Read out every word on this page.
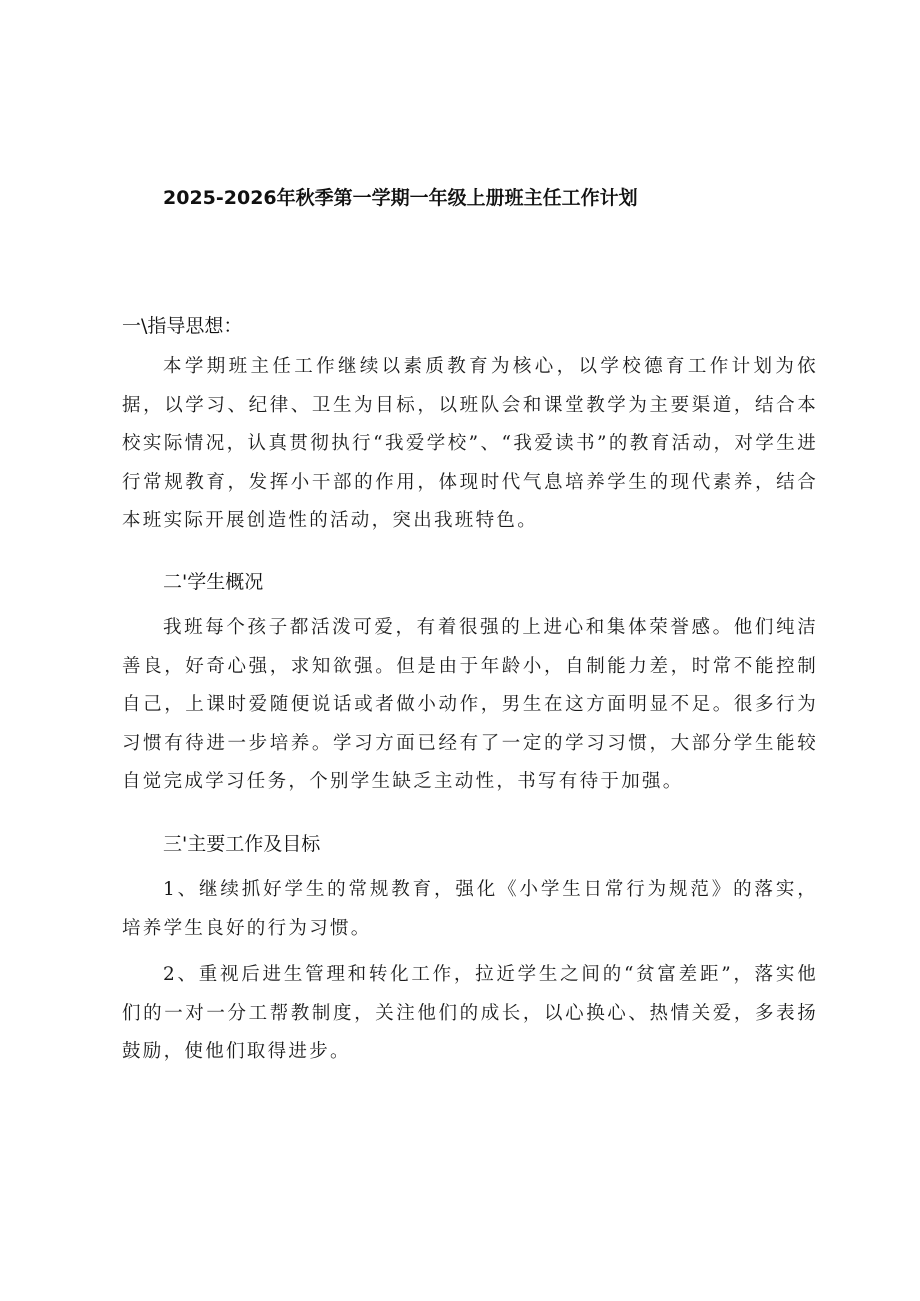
2025-2026年秋季第一学期一年级上册班主任工作计划
一\指导思想：
本学期班主任工作继续以素质教育为核心，以学校德育工作计划为依据，以学习、纪律、卫生为目标，以班队会和课堂教学为主要渠道，结合本校实际情况，认真贯彻执行“我爱学校”、“我爱读书”的教育活动，对学生进行常规教育，发挥小干部的作用，体现时代气息培养学生的现代素养，结合本班实际开展创造性的活动，突出我班特色。
二'学生概况
我班每个孩子都活泼可爱，有着很强的上进心和集体荣誉感。他们纯洁善良，好奇心强，求知欲强。但是由于年龄小，自制能力差，时常不能控制自己，上课时爱随便说话或者做小动作，男生在这方面明显不足。很多行为习惯有待进一步培养。学习方面已经有了一定的学习习惯，大部分学生能较自觉完成学习任务，个别学生缺乏主动性，书写有待于加强。
三'主要工作及目标
1、继续抓好学生的常规教育，强化《小学生日常行为规范》的落实，培养学生良好的行为习惯。
2、重视后进生管理和转化工作，拉近学生之间的“贫富差距”，落实他们的一对一分工帮教制度，关注他们的成长，以心换心、热情关爱，多表扬鼓励，使他们取得进步。
